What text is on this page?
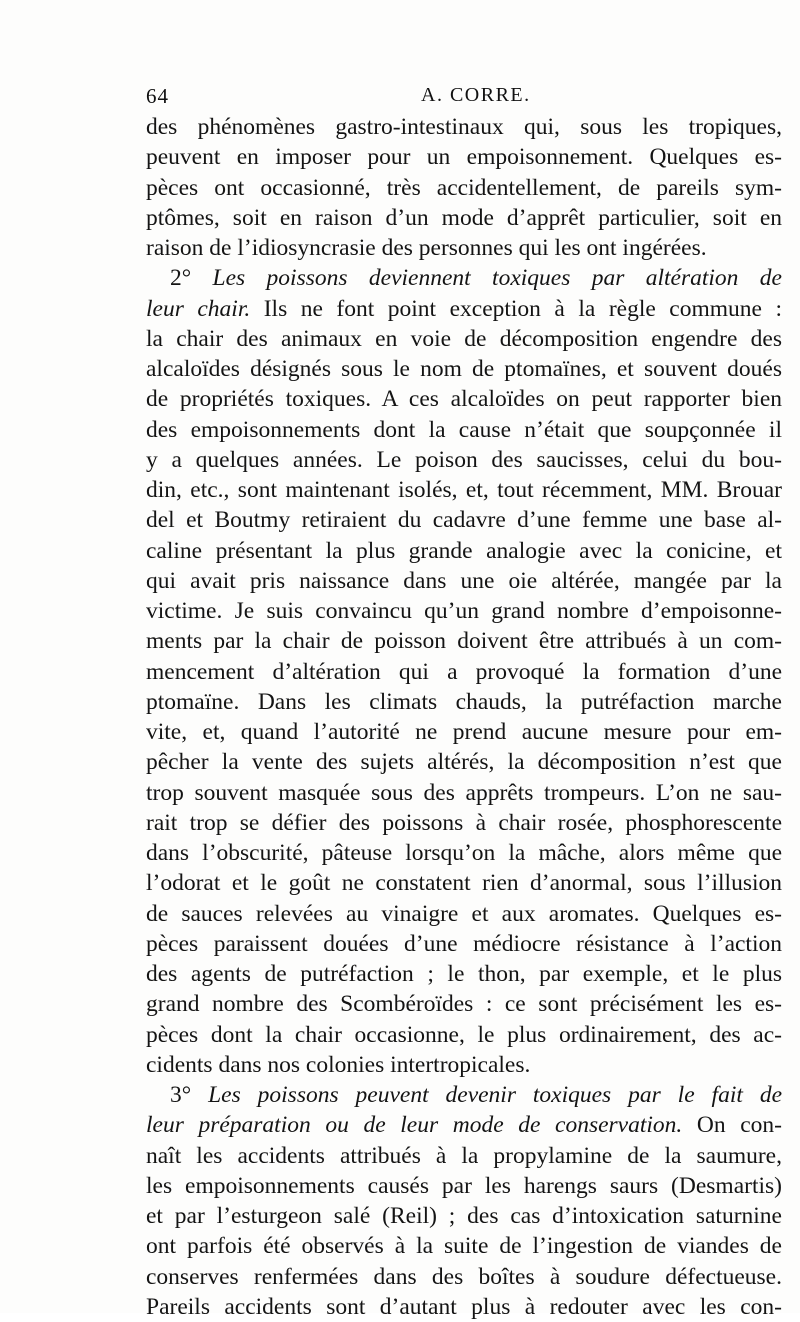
64	A. CORRE.
des phénomènes gastro-intestinaux qui, sous les tropiques,
peuvent en imposer pour un empoisonnement. Quelques es-
pèces ont occasionné, très accidentellement, de pareils sym-
ptômes, soit en raison d’un mode d’apprêt particulier, soit en
raison de l’idiosyncrasie des personnes qui les ont ingérées.
2° Les poissons deviennent toxiques par altération de
leur chair. Ils ne font point exception à la règle commune :
la chair des animaux en voie de décomposition engendre des
alcaloïdes désignés sous le nom de ptomaïnes, et souvent doués
de propriétés toxiques. A ces alcaloïdes on peut rapporter bien
des empoisonnements dont la cause n’était que soupçonnée il
y a quelques années. Le poison des saucisses, celui du bou-
din, etc., sont maintenant isolés, et, tout récemment, MM. Brouar
del et Boutmy retiraient du cadavre d’une femme une base al-
caline présentant la plus grande analogie avec la conicine, et
qui avait pris naissance dans une oie altérée, mangée par la
victime. Je suis convaincu qu’un grand nombre d’empoisonne-
ments par la chair de poisson doivent être attribués à un com-
mencement d’altération qui a provoqué la formation d’une
ptomaïne. Dans les climats chauds, la putréfaction marche
vite, et, quand l’autorité ne prend aucune mesure pour em-
pêcher la vente des sujets altérés, la décomposition n’est que
trop souvent masquée sous des apprêts trompeurs. L’on ne sau-
rait trop se défier des poissons à chair rosée, phosphorescente
dans l’obscurité, pâteuse lorsqu’on la mâche, alors même que
l’odorat et le goût ne constatent rien d’anormal, sous l’illusion
de sauces relevées au vinaigre et aux aromates. Quelques es-
pèces paraissent douées d’une médiocre résistance à l’action
des agents de putréfaction ; le thon, par exemple, et le plus
grand nombre des Scombéroïdes : ce sont précisément les es-
pèces dont la chair occasionne, le plus ordinairement, des ac-
cidents dans nos colonies intertropicales.
3° Les poissons peuvent devenir toxiques par le fait de
leur préparation ou de leur mode de conservation. On con-
naît les accidents attribués à la propylamine de la saumure,
les empoisonnements causés par les harengs saurs (Desmartis)
et par l’esturgeon salé (Reil) ; des cas d’intoxication saturnine
ont parfois été observés à la suite de l’ingestion de viandes de
conserves renfermées dans des boîtes à soudure défectueuse.
Pareils accidents sont d’autant plus à redouter avec les con-
